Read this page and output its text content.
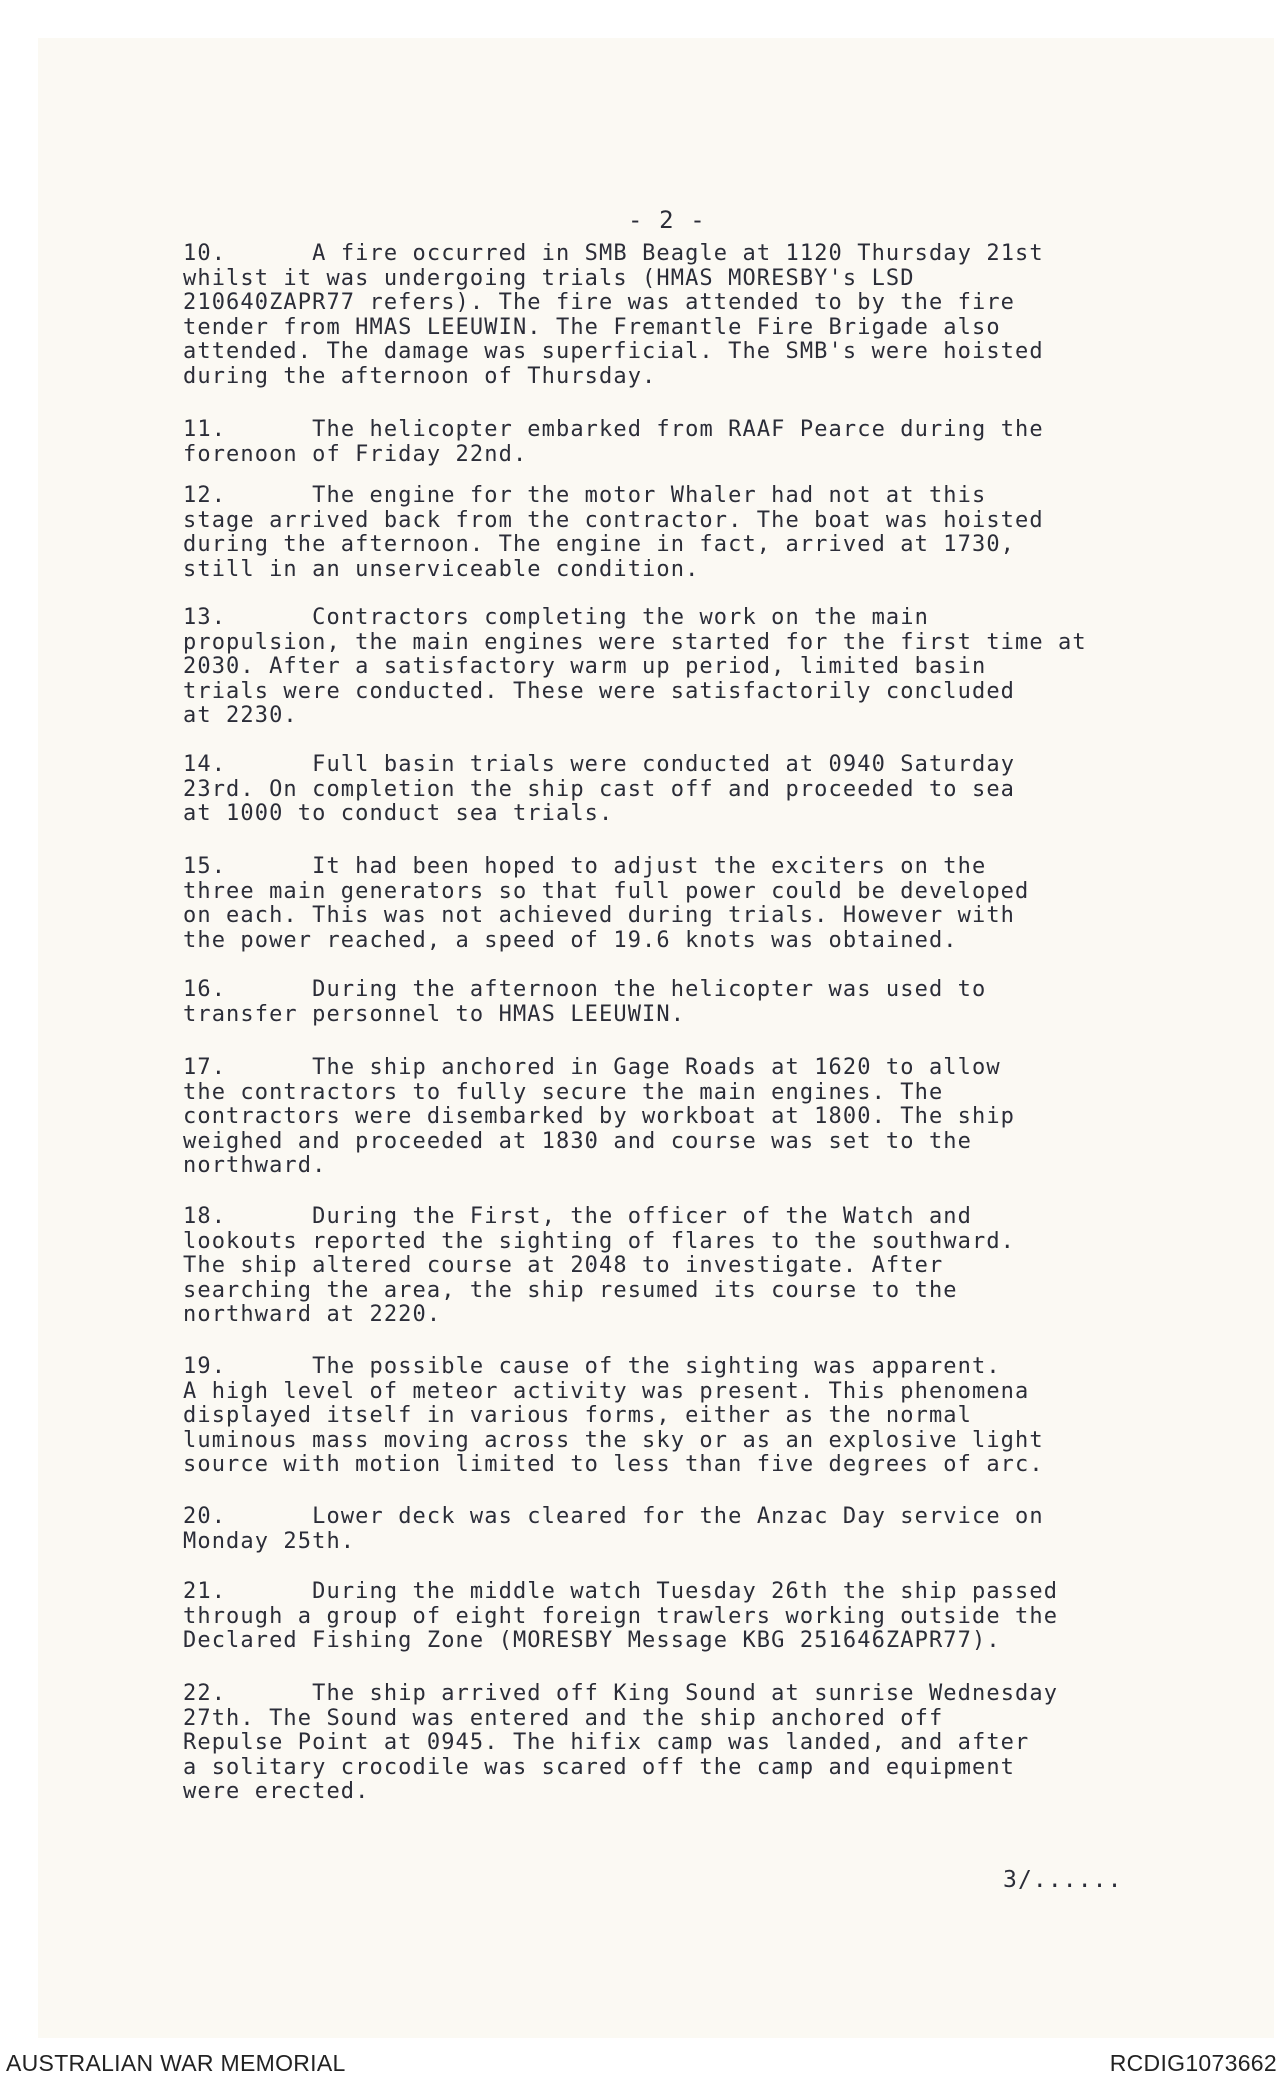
- 2 -
10.	A fire occurred in SMB Beagle at 1120 Thursday 21st
whilst it was undergoing trials (HMAS MORESBY's LSD
210640ZAPR77 refers). The fire was attended to by the fire
tender from HMAS LEEUWIN. The Fremantle Fire Brigade also
attended. The damage was superficial. The SMB's were hoisted
during the afternoon of Thursday.
11.	The helicopter embarked from RAAF Pearce during the
forenoon of Friday 22nd.
12.	The engine for the motor Whaler had not at this
stage arrived back from the contractor. The boat was hoisted
during the afternoon. The engine in fact, arrived at 1730,
still in an unserviceable condition.
13.	Contractors completing the work on the main
propulsion, the main engines were started for the first time at
2030. After a satisfactory warm up period, limited basin
trials were conducted. These were satisfactorily concluded
at 2230.
14.	Full basin trials were conducted at 0940 Saturday
23rd. On completion the ship cast off and proceeded to sea
at 1000 to conduct sea trials.
15.	It had been hoped to adjust the exciters on the
three main generators so that full power could be developed
on each. This was not achieved during trials. However with
the power reached, a speed of 19.6 knots was obtained.
16.	During the afternoon the helicopter was used to
transfer personnel to HMAS LEEUWIN.
17.	The ship anchored in Gage Roads at 1620 to allow
the contractors to fully secure the main engines. The
contractors were disembarked by workboat at 1800. The ship
weighed and proceeded at 1830 and course was set to the
northward.
18.	During the First, the officer of the Watch and
lookouts reported the sighting of flares to the southward.
The ship altered course at 2048 to investigate. After
searching the area, the ship resumed its course to the
northward at 2220.
19.	The possible cause of the sighting was apparent.
A high level of meteor activity was present. This phenomena
displayed itself in various forms, either as the normal
luminous mass moving across the sky or as an explosive light
source with motion limited to less than five degrees of arc.
20.	Lower deck was cleared for the Anzac Day service on
Monday 25th.
21.	During the middle watch Tuesday 26th the ship passed
through a group of eight foreign trawlers working outside the
Declared Fishing Zone (MORESBY Message KBG 251646ZAPR77).
22.	The ship arrived off King Sound at sunrise Wednesday
27th. The Sound was entered and the ship anchored off
Repulse Point at 0945. The hifix camp was landed, and after
a solitary crocodile was scared off the camp and equipment
were erected.
3/......
AUSTRALIAN WAR MEMORIAL	RCDIG1073662
